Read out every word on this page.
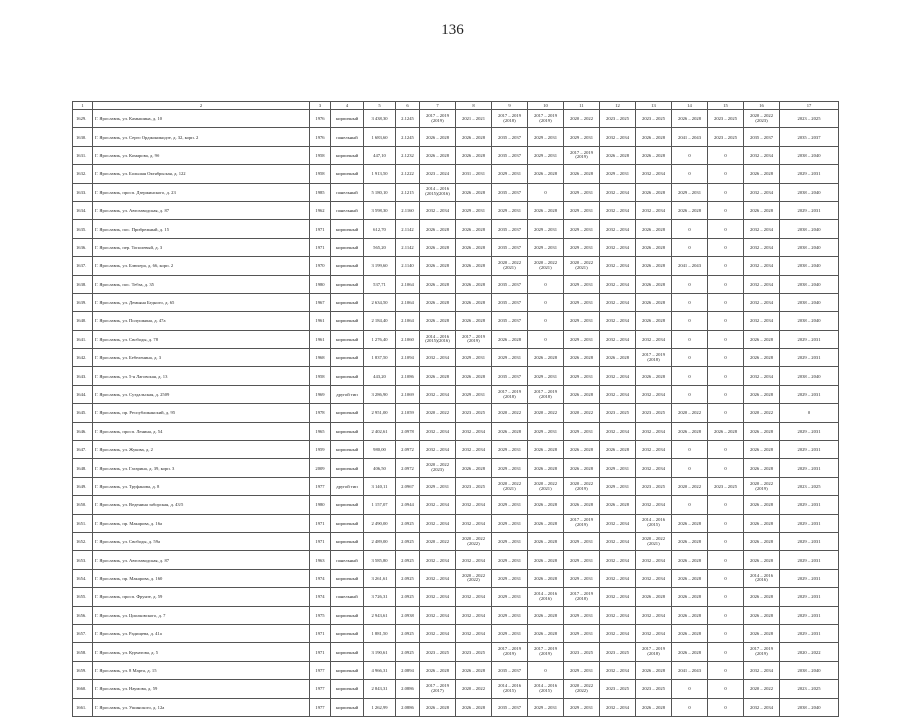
136
1	2	3	4	5	6	7	8	9	10	11	12	13	14	15	16	17
1629.	Г. Ярославль, ул. Камышина, д. 10	1976	кирпичный	3 438,30	2.1245	2017 – 2019 (2019)	2021 – 2021	2017 – 2019 (2018)	2017 – 2019 (2019)	2020 – 2022	2023 – 2025	2023 – 2025	2026 – 2028	2023 – 2025	2020 – 2022 (2023)	2023 – 2025
1630.	Г. Ярославль, ул. Серго Орджоникидзе, д. 32, корп. 2	1976	панельный	1 683,60	2.1245	2026 – 2028	2026 – 2028	2035 – 2037	2029 – 2031	2029 – 2031	2032 – 2034	2026 – 2028	2041 – 2043	2023 – 2025	2035 – 2037	2035 – 2037
1631.	Г. Ярославль, ул. Комарова, д. 9б	1958	кирпичный	447,10	2.1232	2026 – 2028	2026 – 2028	2035 – 2037	2029 – 2031	2017 – 2019 (2019)	2026 – 2028	2026 – 2028	0	0	2032 – 2034	2038 – 2040
1632.	Г. Ярославль, ул. Большая Октябрьская, д. 122	1958	кирпичный	1 913,50	2.1222	2023 – 2024	2031 – 2031	2029 – 2031	2026 – 2028	2026 – 2028	2029 – 2031	2032 – 2034	0	0	2026 – 2028	2029 – 2031
1633.	Г. Ярославль, просп. Дзержинского, д. 23	1985	панельный	5 180,10	2.1215	2014 – 2016 (2015)(2016)	2026 – 2028	2035 – 2037	0	2029 – 2031	2032 – 2034	2026 – 2028	2029 – 2031	0	2032 – 2034	2038 – 2040
1634.	Г. Ярославль, ул. Автозаводская, д. 87	1962	панельный	3 598,30	2.1160	2032 – 2034	2029 – 2031	2029 – 2031	2026 – 2028	2029 – 2031	2032 – 2034	2032 – 2034	2026 – 2028	0	2026 – 2028	2029 – 2031
1635.	Г. Ярославль, пос. Прибрежный, д. 15	1971	кирпичный	612,70	2.1142	2026 – 2028	2026 – 2028	2035 – 2037	2029 – 2031	2029 – 2031	2032 – 2034	2026 – 2028	0	0	2032 – 2034	2038 – 2040
1636.	Г. Ярославль, пер. Тополевый, д. 3	1971	кирпичный	565,20	2.1142	2026 – 2028	2026 – 2028	2035 – 2037	2029 – 2031	2029 – 2031	2032 – 2034	2026 – 2028	0	0	2032 – 2034	2038 – 2040
1637.	Г. Ярославль, ул. Блюхера, д. 66, корп. 2	1970	кирпичный	3 199,60	2.1140	2026 – 2028	2026 – 2028	2020 – 2022 (2021)	2020 – 2022 (2021)	2020 – 2022 (2021)	2032 – 2034	2026 – 2028	2041 – 2043	0	2032 – 2034	2038 – 2040
1638.	Г. Ярославль, пос. Тебза, д. 35	1980	кирпичный	537,71	2.1064	2026 – 2028	2026 – 2028	2035 – 2037	0	2029 – 2031	2032 – 2034	2026 – 2028	0	0	2032 – 2034	2038 – 2040
1639.	Г. Ярославль, ул. Демьяна Бедного, д. 65	1967	кирпичный	2 634,50	2.1064	2026 – 2028	2026 – 2028	2035 – 2037	0	2029 – 2031	2032 – 2034	2026 – 2028	0	0	2032 – 2034	2038 – 2040
1640.	Г. Ярославль, ул. Полушкина, д. 47а	1961	кирпичный	2 184,40	2.1064	2026 – 2028	2026 – 2028	2035 – 2037	0	2029 – 2031	2032 – 2034	2026 – 2028	0	0	2032 – 2034	2038 – 2040
1641.	Г. Ярославль, ул. Свободы, д. 78	1961	кирпичный	1 276,40	2.1060	2014 – 2016 (2015)(2016)	2017 – 2019 (2019)	2026 – 2028	0	2029 – 2031	2032 – 2034	2032 – 2034	0	0	2026 – 2028	2029 – 2031
1642.	Г. Ярославль, ул. Бебеленина, д. 3	1968	кирпичный	1 837,50	2.1094	2032 – 2034	2029 – 2031	2029 – 2031	2026 – 2028	2026 – 2028	2026 – 2028	2017 – 2019 (2018)	0	0	2026 – 2028	2029 – 2031
1643.	Г. Ярославль, ул. 5-я Лаговская, д. 13	1958	кирпичный	443,20	2.1086	2026 – 2028	2026 – 2028	2035 – 2037	2029 – 2031	2029 – 2031	2032 – 2034	2026 – 2028	0	0	2032 – 2034	2038 – 2040
1644.	Г. Ярославль, ул. Суздальская, д. 2509	1969	другой тип	3 286,90	2.1069	2032 – 2034	2029 – 2031	2017 – 2019 (2018)	2017 – 2019 (2018)	2026 – 2028	2032 – 2034	2032 – 2034	0	0	2026 – 2028	2029 – 2031
1645.	Г. Ярославль, пр. Республиканский, д. 95	1978	кирпичный	2 951,00	2.1059	2020 – 2022	2023 – 2025	2020 – 2022	2020 – 2022	2020 – 2022	2023 – 2025	2023 – 2025	2020 – 2022	0	2020 – 2022	0
1646.	Г. Ярославль, просп. Ленина, д. 54	1965	кирпичный	2 402,61	2.0978	2032 – 2034	2032 – 2034	2026 – 2028	2029 – 2031	2029 – 2031	2032 – 2034	2032 – 2034	2026 – 2028	2026 – 2028	2026 – 2028	2029 – 2031
1647.	Г. Ярославль, ул. Жукова, д. 2	1959	кирпичный	980,00	2.0972	2032 – 2034	2032 – 2034	2029 – 2031	2026 – 2028	2026 – 2028	2026 – 2028	2032 – 2034	0	0	2026 – 2028	2029 – 2031
1648.	Г. Ярославль, ул. Гагарина, д. 39, корп. 3	2009	кирпичный	406,50	2.0972	2020 – 2022 (2023)	2026 – 2028	2029 – 2031	2026 – 2028	2026 – 2028	2029 – 2031	2032 – 2034	0	0	2026 – 2028	2029 – 2031
1649.	Г. Ярославль, ул. Труфанова, д. 8	1977	другой тип	3 140,11	2.0967	2029 – 2031	2023 – 2025	2020 – 2022 (2021)	2020 – 2022 (2021)	2020 – 2022 (2019)	2029 – 2031	2023 – 2025	2020 – 2022	2023 – 2025	2020 – 2022 (2019)	2023 – 2025
1650.	Г. Ярославль, ул. Веденина заборская, д. 43/5	1980	кирпичный	1 157,07	2.0944	2032 – 2034	2032 – 2034	2029 – 2031	2026 – 2028	2026 – 2028	2026 – 2028	2032 – 2034	0	0	2026 – 2028	2029 – 2031
1651.	Г. Ярославль, пр. Макарова, д. 16а	1971	кирпичный	2 490,00	2.0925	2032 – 2034	2032 – 2034	2029 – 2031	2026 – 2028	2017 – 2019 (2019)	2032 – 2034	2014 – 2016 (2015)	2026 – 2028	0	2026 – 2028	2029 – 2031
1652.	Г. Ярославль, ул. Свободы, д. 59а	1971	кирпичный	2 489,00	2.0925	2020 – 2022	2020 – 2022 (2022)	2029 – 2031	2026 – 2028	2029 – 2031	2032 – 2034	2020 – 2022 (2021)	2026 – 2028	0	2026 – 2028	2029 – 2031
1653.	Г. Ярославль, ул. Автозаводская, д. 87	1963	панельный	3 585,80	2.0925	2032 – 2034	2032 – 2034	2029 – 2031	2026 – 2028	2029 – 2031	2032 – 2034	2032 – 2034	2026 – 2028	0	2026 – 2028	2029 – 2031
1654.	Г. Ярославль, пр. Макарова, д. 160	1974	кирпичный	3 261,61	2.0925	2032 – 2034	2020 – 2022 (2022)	2029 – 2031	2026 – 2028	2029 – 2031	2032 – 2034	2032 – 2034	2026 – 2028	0	2014 – 2016 (2016)	2029 – 2031
1655.	Г. Ярославль, просп. Фрунзе, д. 59	1974	панельный	3 726,31	2.0925	2032 – 2034	2032 – 2034	2029 – 2031	2014 – 2016 (2016)	2017 – 2019 (2018)	2032 – 2034	2026 – 2028	2026 – 2028	0	2026 – 2028	2029 – 2031
1656.	Г. Ярославль, ул. Циолковского, д. 7	1975	кирпичный	2 943,61	2.0938	2032 – 2034	2032 – 2034	2029 – 2031	2026 – 2028	2029 – 2031	2032 – 2034	2032 – 2034	2026 – 2028	0	2026 – 2028	2029 – 2031
1657.	Г. Ярославль, ул. Радищева, д. 41а	1971	кирпичный	1 881,50	2.0925	2032 – 2034	2032 – 2034	2029 – 2031	2026 – 2028	2029 – 2031	2032 – 2034	2032 – 2034	2026 – 2028	0	2026 – 2028	2029 – 2031
1658.	Г. Ярославль, ул. Курчатова, д. 5	1971	кирпичный	3 190,61	2.0925	2023 – 2025	2023 – 2025	2017 – 2019 (2019)	2017 – 2019 (2019)	2023 – 2025	2023 – 2025	2017 – 2019 (2018)	2026 – 2028	0	2017 – 2019 (2019)	2020 – 2022
1659.	Г. Ярославль, ул. 8 Марта, д. 15	1977	кирпичный	4 966,31	2.0894	2026 – 2028	2026 – 2028	2035 – 2037	0	2029 – 2031	2032 – 2034	2026 – 2028	2041 – 2043	0	2032 – 2034	2038 – 2040
1660.	Г. Ярославль, ул. Наумова, д. 59	1977	кирпичный	2 843,31	2.0886	2017 – 2019 (2017)	2020 – 2022	2014 – 2016 (2015)	2014 – 2016 (2015)	2020 – 2022 (2022)	2023 – 2025	2023 – 2025	0	0	2020 – 2022	2023 – 2025
1661.	Г. Ярославль, ул. Ушинского, д. 12а	1977	кирпичный	1 262,99	2.0886	2026 – 2028	2026 – 2028	2035 – 2037	2029 – 2031	2029 – 2031	2032 – 2034	2026 – 2028	0	0	2032 – 2034	2038 – 2040
